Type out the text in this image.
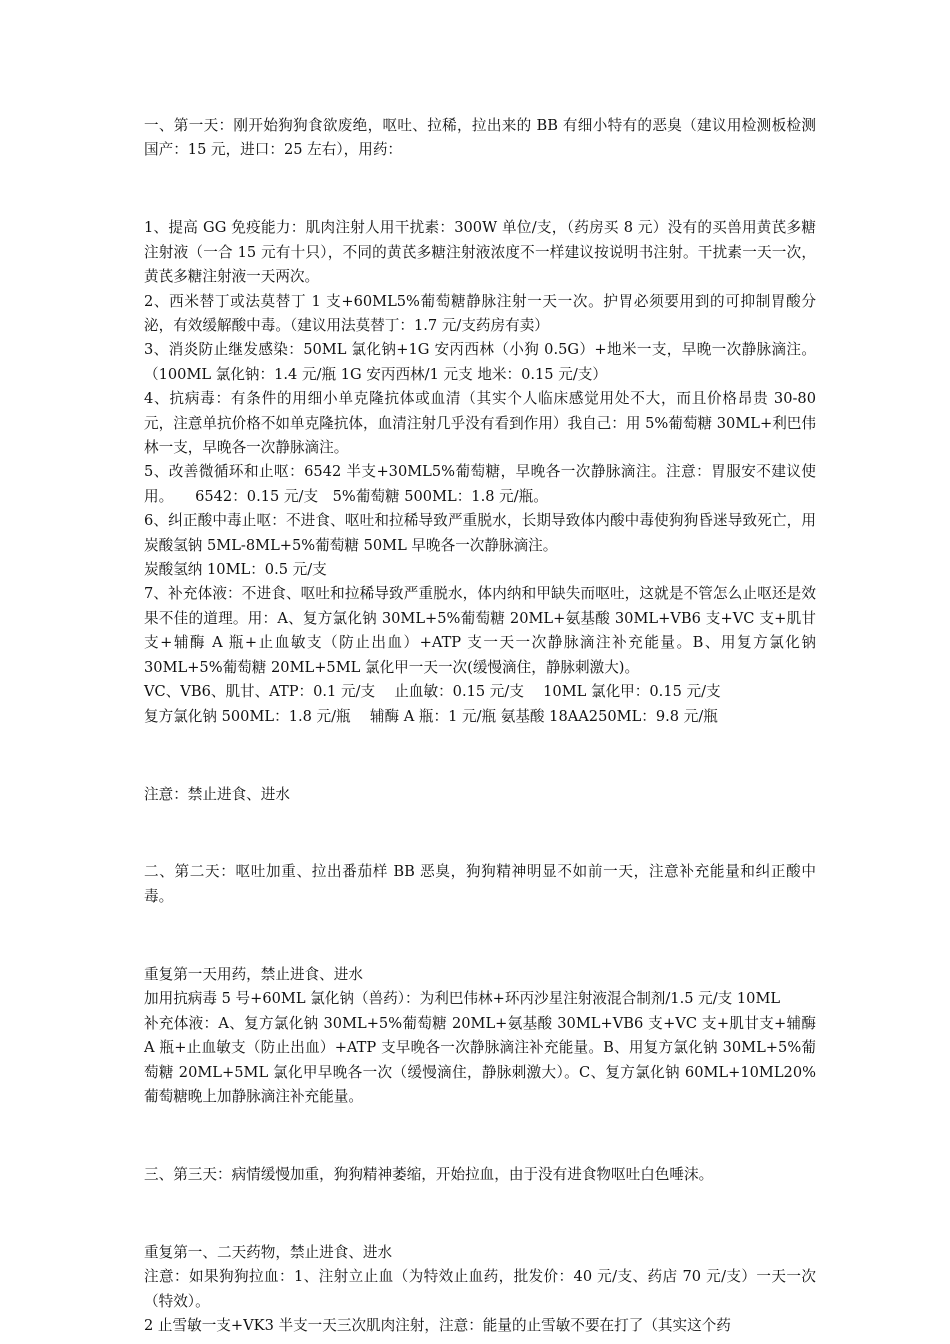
一、第一天：刚开始狗狗食欲废绝，呕吐、拉稀，拉出来的 BB 有细小特有的恶臭（建议用检测板检测国产：15 元，进口：25 左右），用药：

1、提高 GG 免疫能力：肌肉注射人用干扰素：300W 单位/支，（药房买 8 元）没有的买兽用黄芪多糖注射液（一合 15 元有十只），不同的黄芪多糖注射液浓度不一样建议按说明书注射。干扰素一天一次，黄芪多糖注射液一天两次。

2、西米替丁或法莫替丁 1 支+60ML5%葡萄糖静脉注射一天一次。护胃必须要用到的可抑制胃酸分泌，有效缓解酸中毒。（建议用法莫替丁：1.7 元/支药房有卖）

3、消炎防止继发感染：50ML 氯化钠+1G 安丙西林（小狗 0.5G）+地米一支，早晚一次静脉滴注。（100ML 氯化钠：1.4 元/瓶 1G 安丙西林/1 元支 地米：0.15 元/支）

4、抗病毒：有条件的用细小单克隆抗体或血清（其实个人临床感觉用处不大，而且价格昂贵 30-80 元，注意单抗价格不如单克隆抗体，血清注射几乎没有看到作用）我自己：用 5%葡萄糖 30ML+利巴伟林一支，早晚各一次静脉滴注。

5、改善微循环和止呕：6542 半支+30ML5%葡萄糖，早晚各一次静脉滴注。注意：胃服安不建议使用。　　6542：0.15 元/支　5%葡萄糖 500ML：1.8 元/瓶。

6、纠正酸中毒止呕：不进食、呕吐和拉稀导致严重脱水，长期导致体内酸中毒使狗狗昏迷导致死亡，用炭酸氢钠 5ML-8ML+5%葡萄糖 50ML 早晚各一次静脉滴注。

炭酸氢纳 10ML：0.5 元/支

7、补充体液：不进食、呕吐和拉稀导致严重脱水，体内纳和甲缺失而呕吐，这就是不管怎么止呕还是效果不佳的道理。用：A、复方氯化钠 30ML+5%葡萄糖 20ML+氨基酸 30ML+VB6 支+VC 支+肌甘支+辅酶 A 瓶+止血敏支（防止出血）+ATP 支一天一次静脉滴注补充能量。B、用复方氯化钠 30ML+5%葡萄糖 20ML+5ML 氯化甲一天一次(缓慢滴住，静脉刺激大)。

VC、VB6、肌甘、ATP：0.1 元/支　 止血敏：0.15 元/支　 10ML 氯化甲：0.15 元/支

复方氯化钠 500ML：1.8 元/瓶　 辅酶 A 瓶：1 元/瓶 氨基酸 18AA250ML：9.8 元/瓶

注意：禁止进食、进水

二、第二天：呕吐加重、拉出番茄样 BB 恶臭，狗狗精神明显不如前一天，注意补充能量和纠正酸中毒。

重复第一天用药，禁止进食、进水

加用抗病毒 5 号+60ML 氯化钠（兽药）：为利巴伟林+环丙沙星注射液混合制剂/1.5 元/支 10ML

补充体液：A、复方氯化钠 30ML+5%葡萄糖 20ML+氨基酸 30ML+VB6 支+VC 支+肌甘支+辅酶 A 瓶+止血敏支（防止出血）+ATP 支早晚各一次静脉滴注补充能量。B、用复方氯化钠 30ML+5%葡萄糖 20ML+5ML 氯化甲早晚各一次（缓慢滴住，静脉刺激大）。C、复方氯化钠 60ML+10ML20%葡萄糖晚上加静脉滴注补充能量。

三、第三天：病情缓慢加重，狗狗精神萎缩，开始拉血，由于没有进食物呕吐白色唾沫。

重复第一、二天药物，禁止进食、进水

注意：如果狗狗拉血：1、注射立止血（为特效止血药，批发价：40 元/支、药店 70 元/支）一天一次（特效）。

2 止雪敏一支+VK3 半支一天三次肌肉注射，注意：能量的止雪敏不要在打了（其实这个药
